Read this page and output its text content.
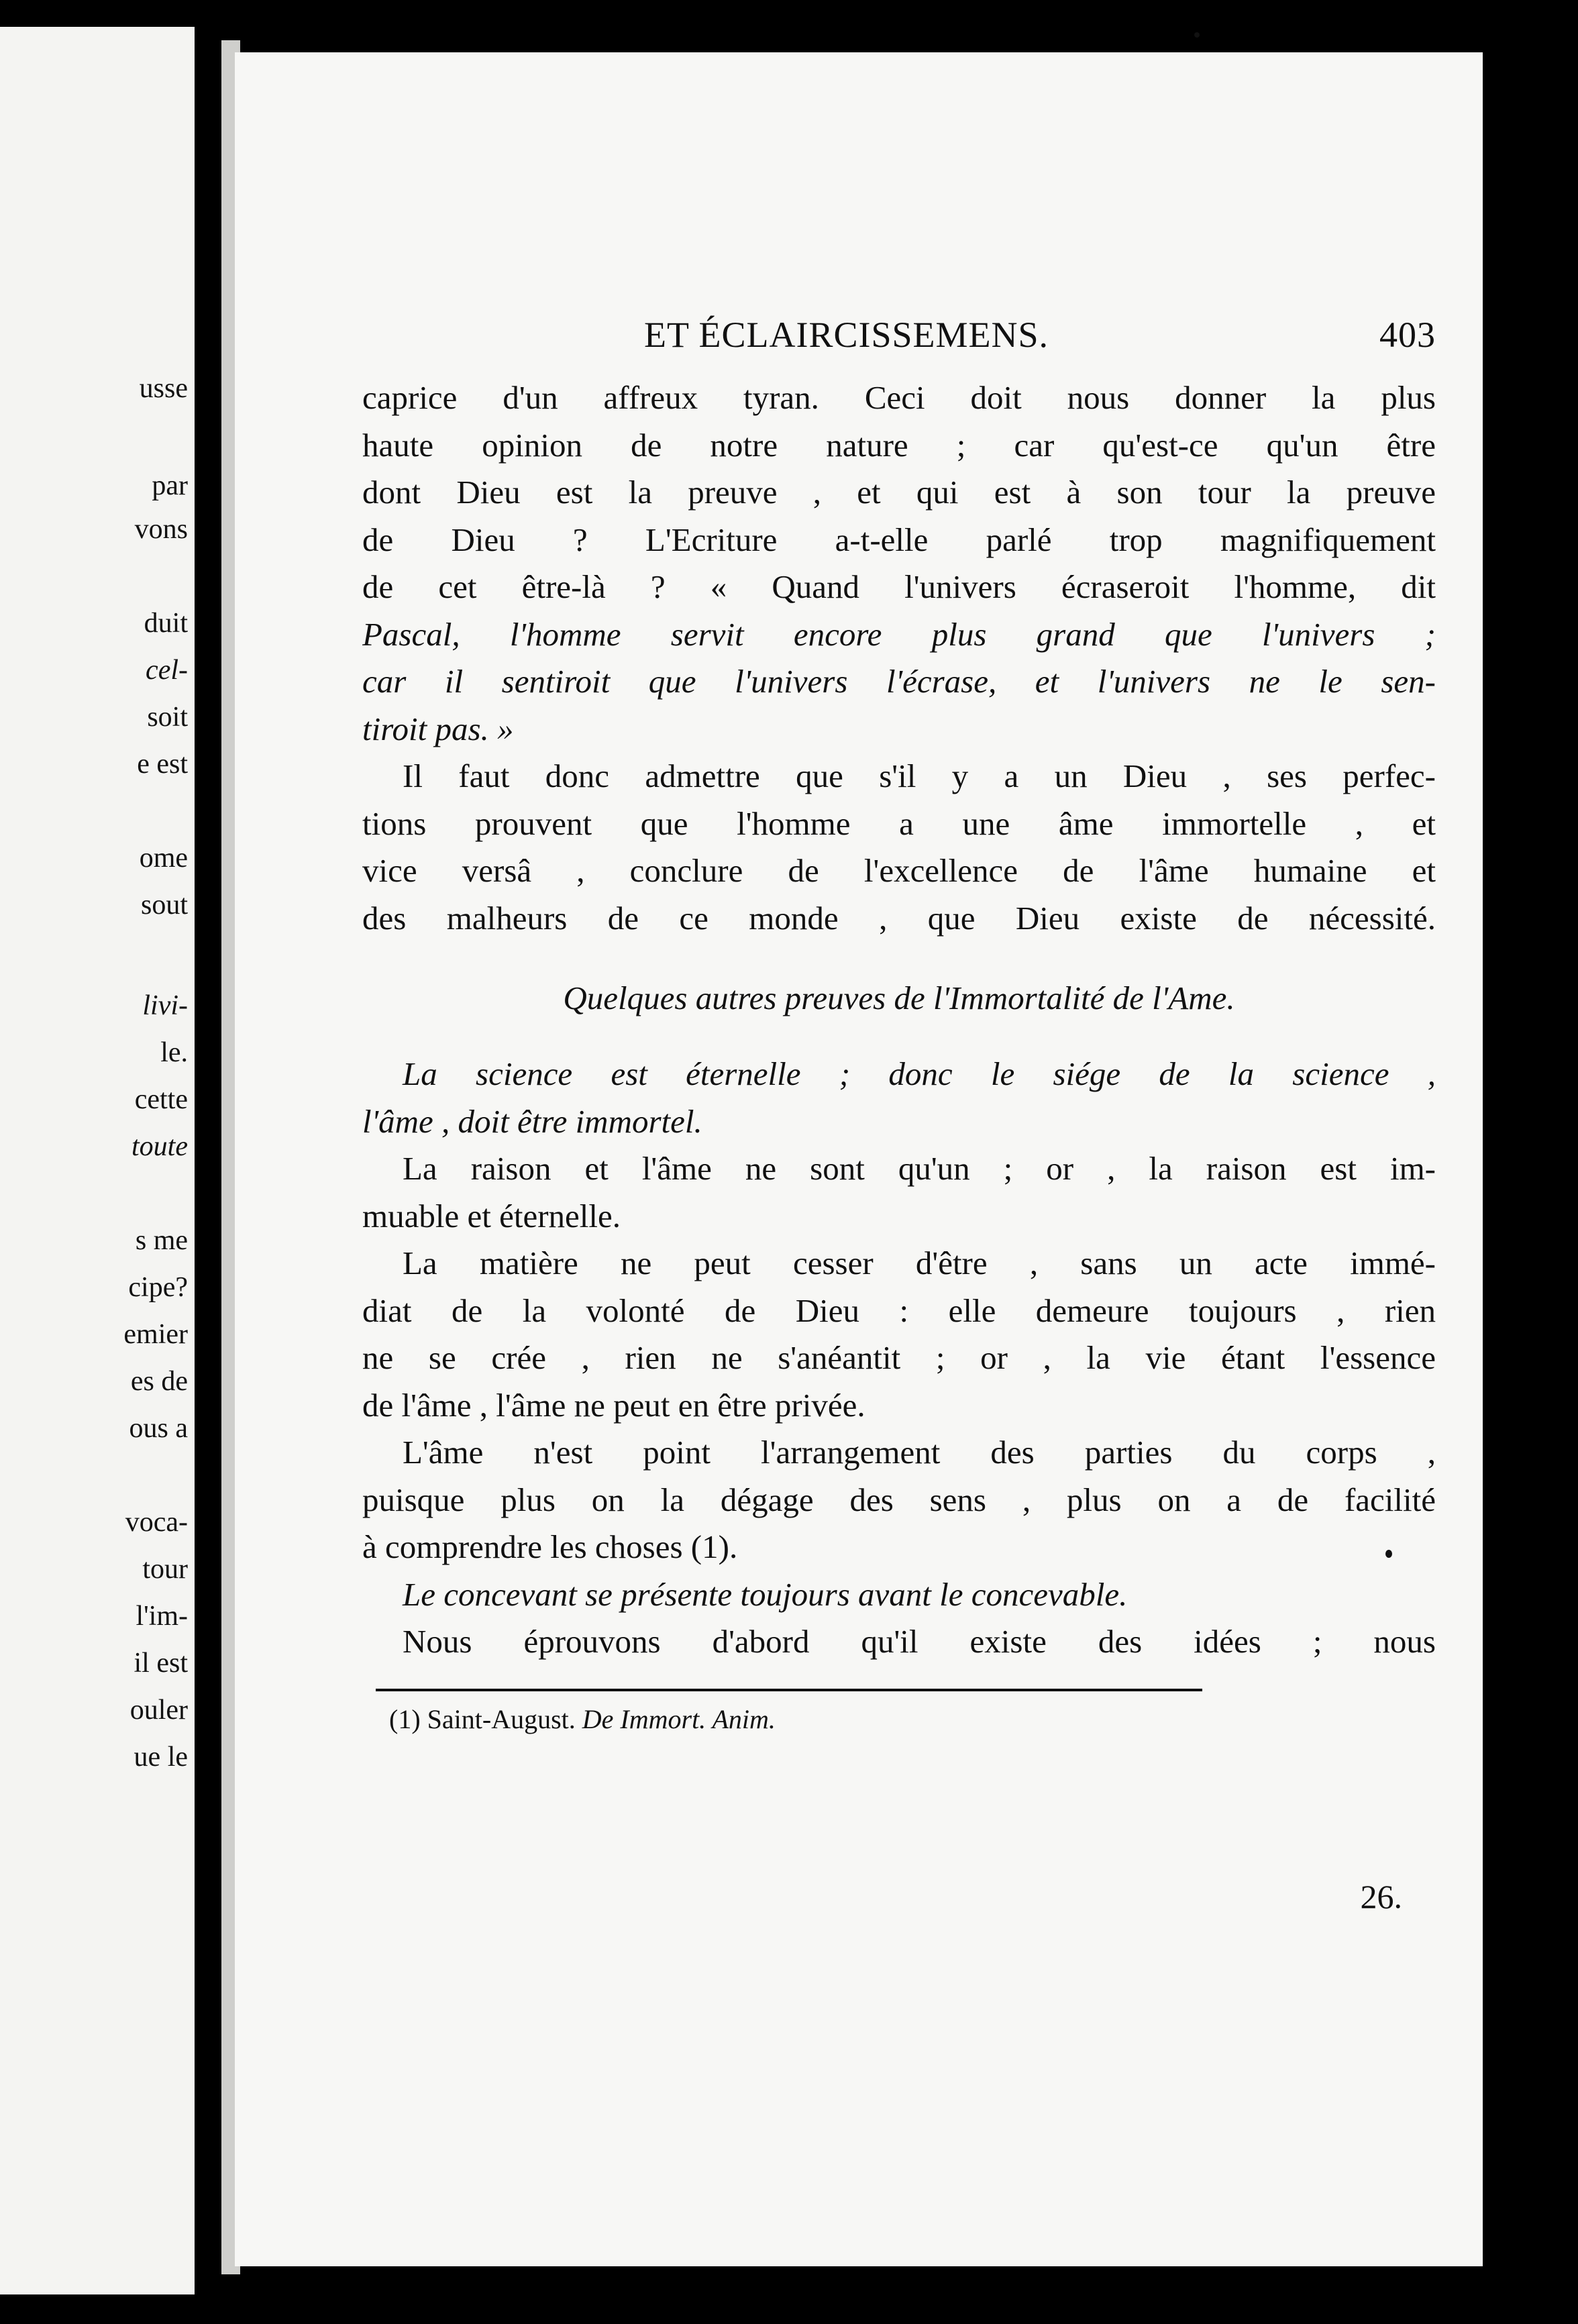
usse
par
vons
duit
cel-
soit
e est
ome
sout
livi-
le.
cette
toute
s me
cipe?
emier
es de
ous a
voca-
tour
l'im-
il est
ouler
ue le
ET ÉCLAIRCISSEMENS.	403
caprice d'un affreux tyran. Ceci doit nous donner la plus
haute opinion de notre nature ; car qu'est-ce qu'un être
dont Dieu est la preuve , et qui est à son tour la preuve
de Dieu ? L'Ecriture a-t-elle parlé trop magnifiquement
de cet être-là ? « Quand l'univers écraseroit l'homme, dit
Pascal, l'homme servit encore plus grand que l'univers ;
car il sentiroit que l'univers l'écrase, et l'univers ne le sen-
tiroit pas. »
Il faut donc admettre que s'il y a un Dieu , ses perfec-
tions prouvent que l'homme a une âme immortelle , et
vice versâ , conclure de l'excellence de l'âme humaine et
des malheurs de ce monde , que Dieu existe de nécessité.
Quelques autres preuves de l'Immortalité de l'Ame.
La science est éternelle ; donc le siége de la science ,
l'âme , doit être immortel.
La raison et l'âme ne sont qu'un ; or , la raison est im-
muable et éternelle.
La matière ne peut cesser d'être , sans un acte immé-
diat de la volonté de Dieu : elle demeure toujours , rien
ne se crée , rien ne s'anéantit ; or , la vie étant l'essence
de l'âme , l'âme ne peut en être privée.
L'âme n'est point l'arrangement des parties du corps ,
puisque plus on la dégage des sens , plus on a de facilité
à comprendre les choses (1).
Le concevant se présente toujours avant le concevable.
Nous éprouvons d'abord qu'il existe des idées ; nous
(1) Saint-August. De Immort. Anim.
26.
